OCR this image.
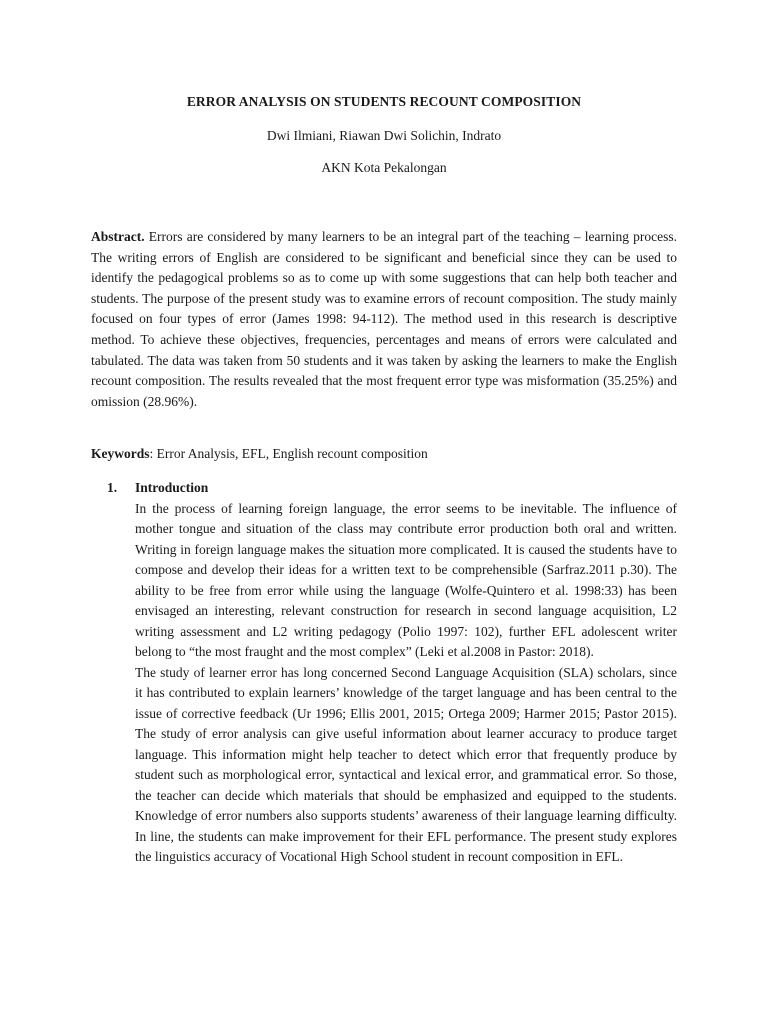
ERROR ANALYSIS ON STUDENTS RECOUNT COMPOSITION
Dwi Ilmiani, Riawan Dwi Solichin, Indrato
AKN Kota Pekalongan

Abstract. Errors are considered by many learners to be an integral part of the teaching – learning process. The writing errors of English are considered to be significant and beneficial since they can be used to identify the pedagogical problems so as to come up with some suggestions that can help both teacher and students. The purpose of the present study was to examine errors of recount composition. The study mainly focused on four types of error (James 1998: 94-112). The method used in this research is descriptive method. To achieve these objectives, frequencies, percentages and means of errors were calculated and tabulated. The data was taken from 50 students and it was taken by asking the learners to make the English recount composition. The results revealed that the most frequent error type was misformation (35.25%) and omission (28.96%).

Keywords: Error Analysis, EFL, English recount composition

1. Introduction

In the process of learning foreign language, the error seems to be inevitable. The influence of mother tongue and situation of the class may contribute error production both oral and written. Writing in foreign language makes the situation more complicated. It is caused the students have to compose and develop their ideas for a written text to be comprehensible (Sarfraz.2011 p.30). The ability to be free from error while using the language (Wolfe-Quintero et al. 1998:33) has been envisaged an interesting, relevant construction for research in second language acquisition, L2 writing assessment and L2 writing pedagogy (Polio 1997: 102), further EFL adolescent writer belong to “the most fraught and the most complex” (Leki et al.2008 in Pastor: 2018).

The study of learner error has long concerned Second Language Acquisition (SLA) scholars, since it has contributed to explain learners’ knowledge of the target language and has been central to the issue of corrective feedback (Ur 1996; Ellis 2001, 2015; Ortega 2009; Harmer 2015; Pastor 2015). The study of error analysis can give useful information about learner accuracy to produce target language. This information might help teacher to detect which error that frequently produce by student such as morphological error, syntactical and lexical error, and grammatical error. So those, the teacher can decide which materials that should be emphasized and equipped to the students. Knowledge of error numbers also supports students’ awareness of their language learning difficulty. In line, the students can make improvement for their EFL performance. The present study explores the linguistics accuracy of Vocational High School student in recount composition in EFL.
